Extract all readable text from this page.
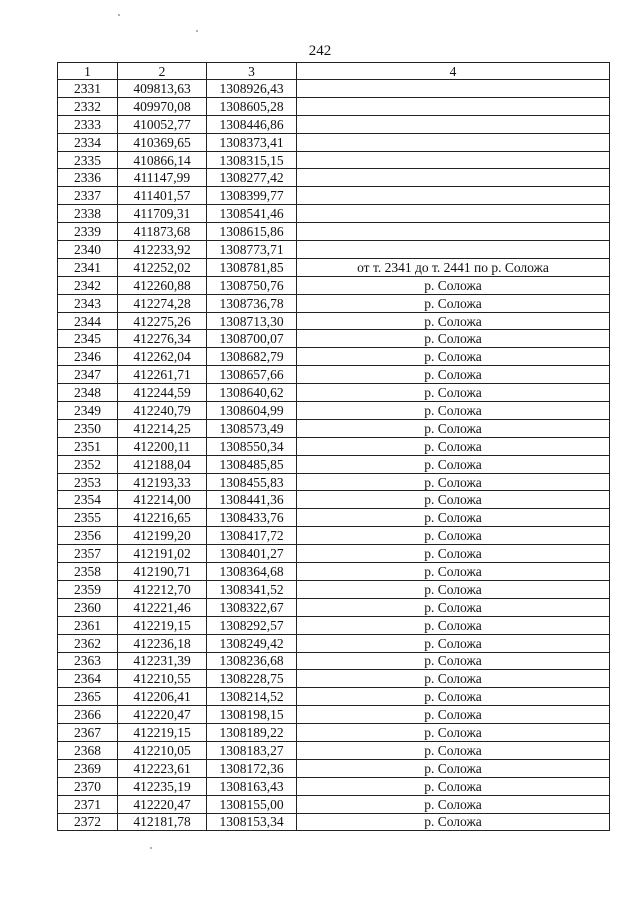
242
1	2	3	4
2331	409813,63	1308926,43	
2332	409970,08	1308605,28	
2333	410052,77	1308446,86	
2334	410369,65	1308373,41	
2335	410866,14	1308315,15	
2336	411147,99	1308277,42	
2337	411401,57	1308399,77	
2338	411709,31	1308541,46	
2339	411873,68	1308615,86	
2340	412233,92	1308773,71	
2341	412252,02	1308781,85	от т. 2341 до т. 2441 по р. Соложа
2342	412260,88	1308750,76	р. Соложа
2343	412274,28	1308736,78	р. Соложа
2344	412275,26	1308713,30	р. Соложа
2345	412276,34	1308700,07	р. Соложа
2346	412262,04	1308682,79	р. Соложа
2347	412261,71	1308657,66	р. Соложа
2348	412244,59	1308640,62	р. Соложа
2349	412240,79	1308604,99	р. Соложа
2350	412214,25	1308573,49	р. Соложа
2351	412200,11	1308550,34	р. Соложа
2352	412188,04	1308485,85	р. Соложа
2353	412193,33	1308455,83	р. Соложа
2354	412214,00	1308441,36	р. Соложа
2355	412216,65	1308433,76	р. Соложа
2356	412199,20	1308417,72	р. Соложа
2357	412191,02	1308401,27	р. Соложа
2358	412190,71	1308364,68	р. Соложа
2359	412212,70	1308341,52	р. Соложа
2360	412221,46	1308322,67	р. Соложа
2361	412219,15	1308292,57	р. Соложа
2362	412236,18	1308249,42	р. Соложа
2363	412231,39	1308236,68	р. Соложа
2364	412210,55	1308228,75	р. Соложа
2365	412206,41	1308214,52	р. Соложа
2366	412220,47	1308198,15	р. Соложа
2367	412219,15	1308189,22	р. Соложа
2368	412210,05	1308183,27	р. Соложа
2369	412223,61	1308172,36	р. Соложа
2370	412235,19	1308163,43	р. Соложа
2371	412220,47	1308155,00	р. Соложа
2372	412181,78	1308153,34	р. Соложа
